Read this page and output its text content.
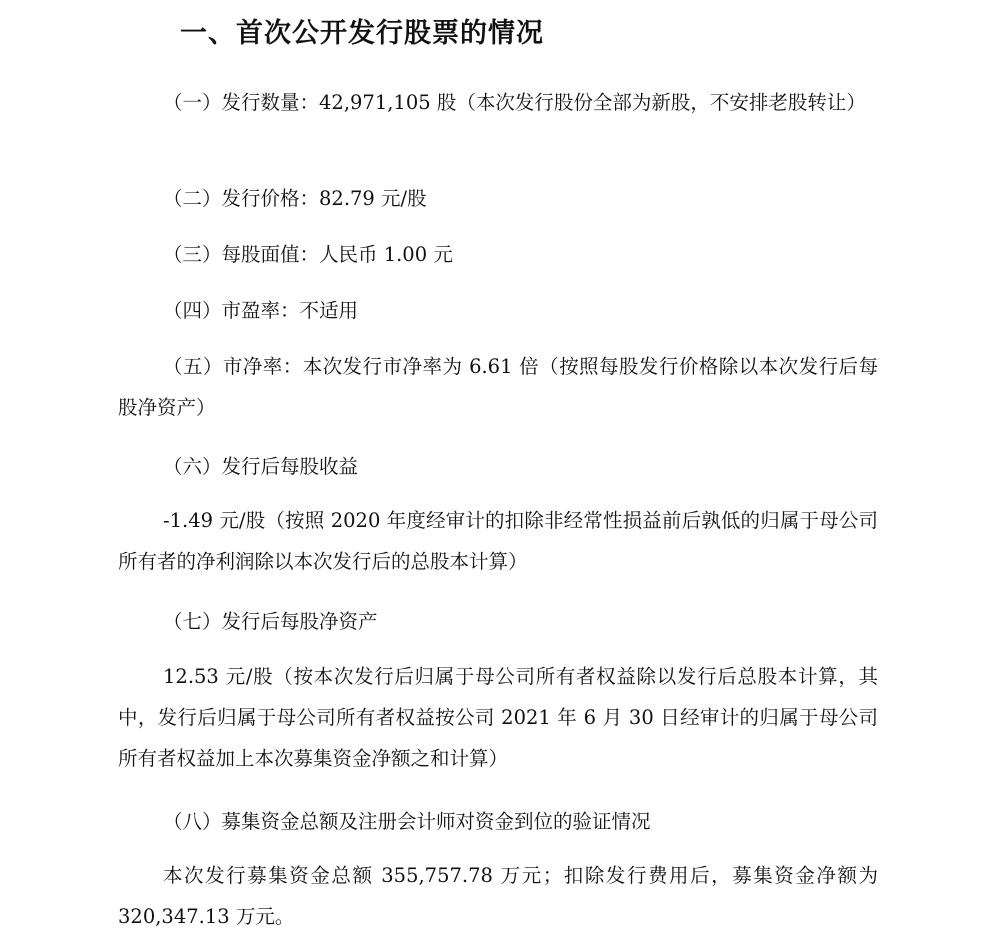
一、首次公开发行股票的情况

（一）发行数量：42,971,105 股（本次发行股份全部为新股，不安排老股转让）

（二）发行价格：82.79 元/股

（三）每股面值：人民币 1.00 元

（四）市盈率：不适用

（五）市净率：本次发行市净率为 6.61 倍（按照每股发行价格除以本次发行后每股净资产）

（六）发行后每股收益

-1.49 元/股（按照 2020 年度经审计的扣除非经常性损益前后孰低的归属于母公司所有者的净利润除以本次发行后的总股本计算）

（七）发行后每股净资产

12.53 元/股（按本次发行后归属于母公司所有者权益除以发行后总股本计算，其中，发行后归属于母公司所有者权益按公司 2021 年 6 月 30 日经审计的归属于母公司所有者权益加上本次募集资金净额之和计算）

（八）募集资金总额及注册会计师对资金到位的验证情况

本次发行募集资金总额 355,757.78 万元；扣除发行费用后，募集资金净额为 320,347.13 万元。
